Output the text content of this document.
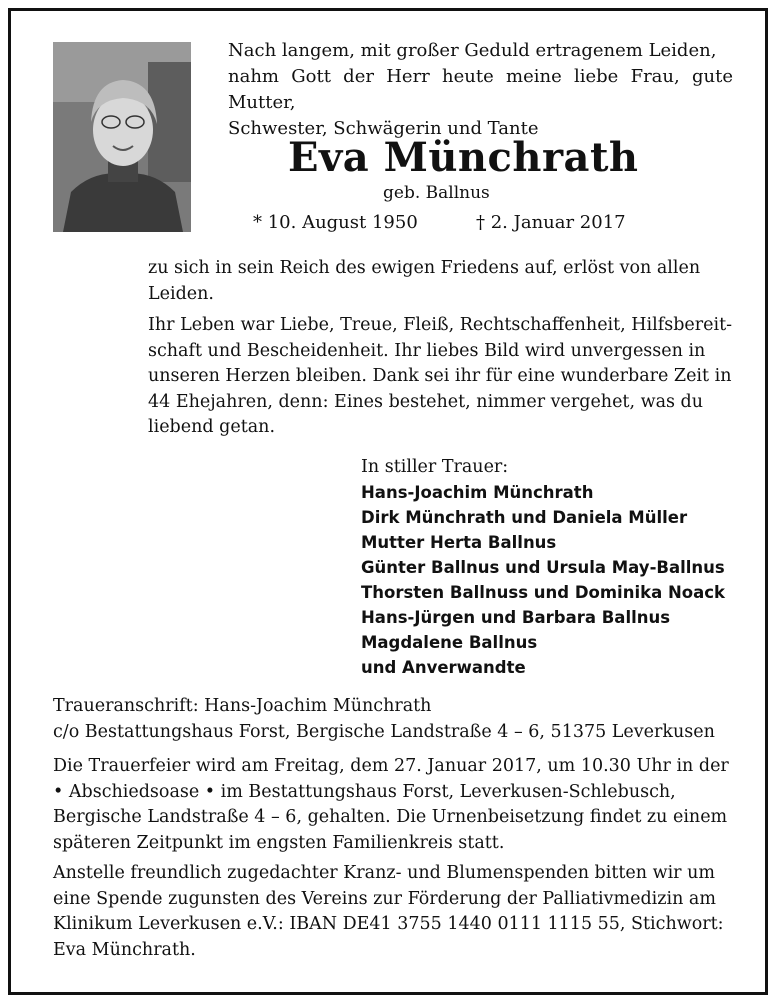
Nach langem, mit großer Geduld ertragenem Leiden,
nahm Gott der Herr heute meine liebe Frau, gute Mutter,
Schwester, Schwägerin und Tante

Eva Münchrath

geb. Ballnus

* 10. August 1950	† 2. Januar 2017

zu sich in sein Reich des ewigen Friedens auf, erlöst von allen
Leiden.

Ihr Leben war Liebe, Treue, Fleiß, Rechtschaffenheit, Hilfsbereit-
schaft und Bescheidenheit. Ihr liebes Bild wird unvergessen in
unseren Herzen bleiben. Dank sei ihr für eine wunderbare Zeit in
44 Ehejahren, denn: Eines bestehet, nimmer vergehet, was du
liebend getan.

In stiller Trauer:
Hans-Joachim Münchrath
Dirk Münchrath und Daniela Müller
Mutter Herta Ballnus
Günter Ballnus und Ursula May-Ballnus
Thorsten Ballnuss und Dominika Noack
Hans-Jürgen und Barbara Ballnus
Magdalene Ballnus
und Anverwandte

Traueranschrift: Hans-Joachim Münchrath
c/o Bestattungshaus Forst, Bergische Landstraße 4 – 6, 51375 Leverkusen

Die Trauerfeier wird am Freitag, dem 27. Januar 2017, um 10.30 Uhr in der
• Abschiedsoase • im Bestattungshaus Forst, Leverkusen-Schlebusch,
Bergische Landstraße 4 – 6, gehalten. Die Urnenbeisetzung findet zu einem
späteren Zeitpunkt im engsten Familienkreis statt.

Anstelle freundlich zugedachter Kranz- und Blumenspenden bitten wir um
eine Spende zugunsten des Vereins zur Förderung der Palliativmedizin am
Klinikum Leverkusen e.V.: IBAN DE41 3755 1440 0111 1115 55, Stichwort:
Eva Münchrath.
